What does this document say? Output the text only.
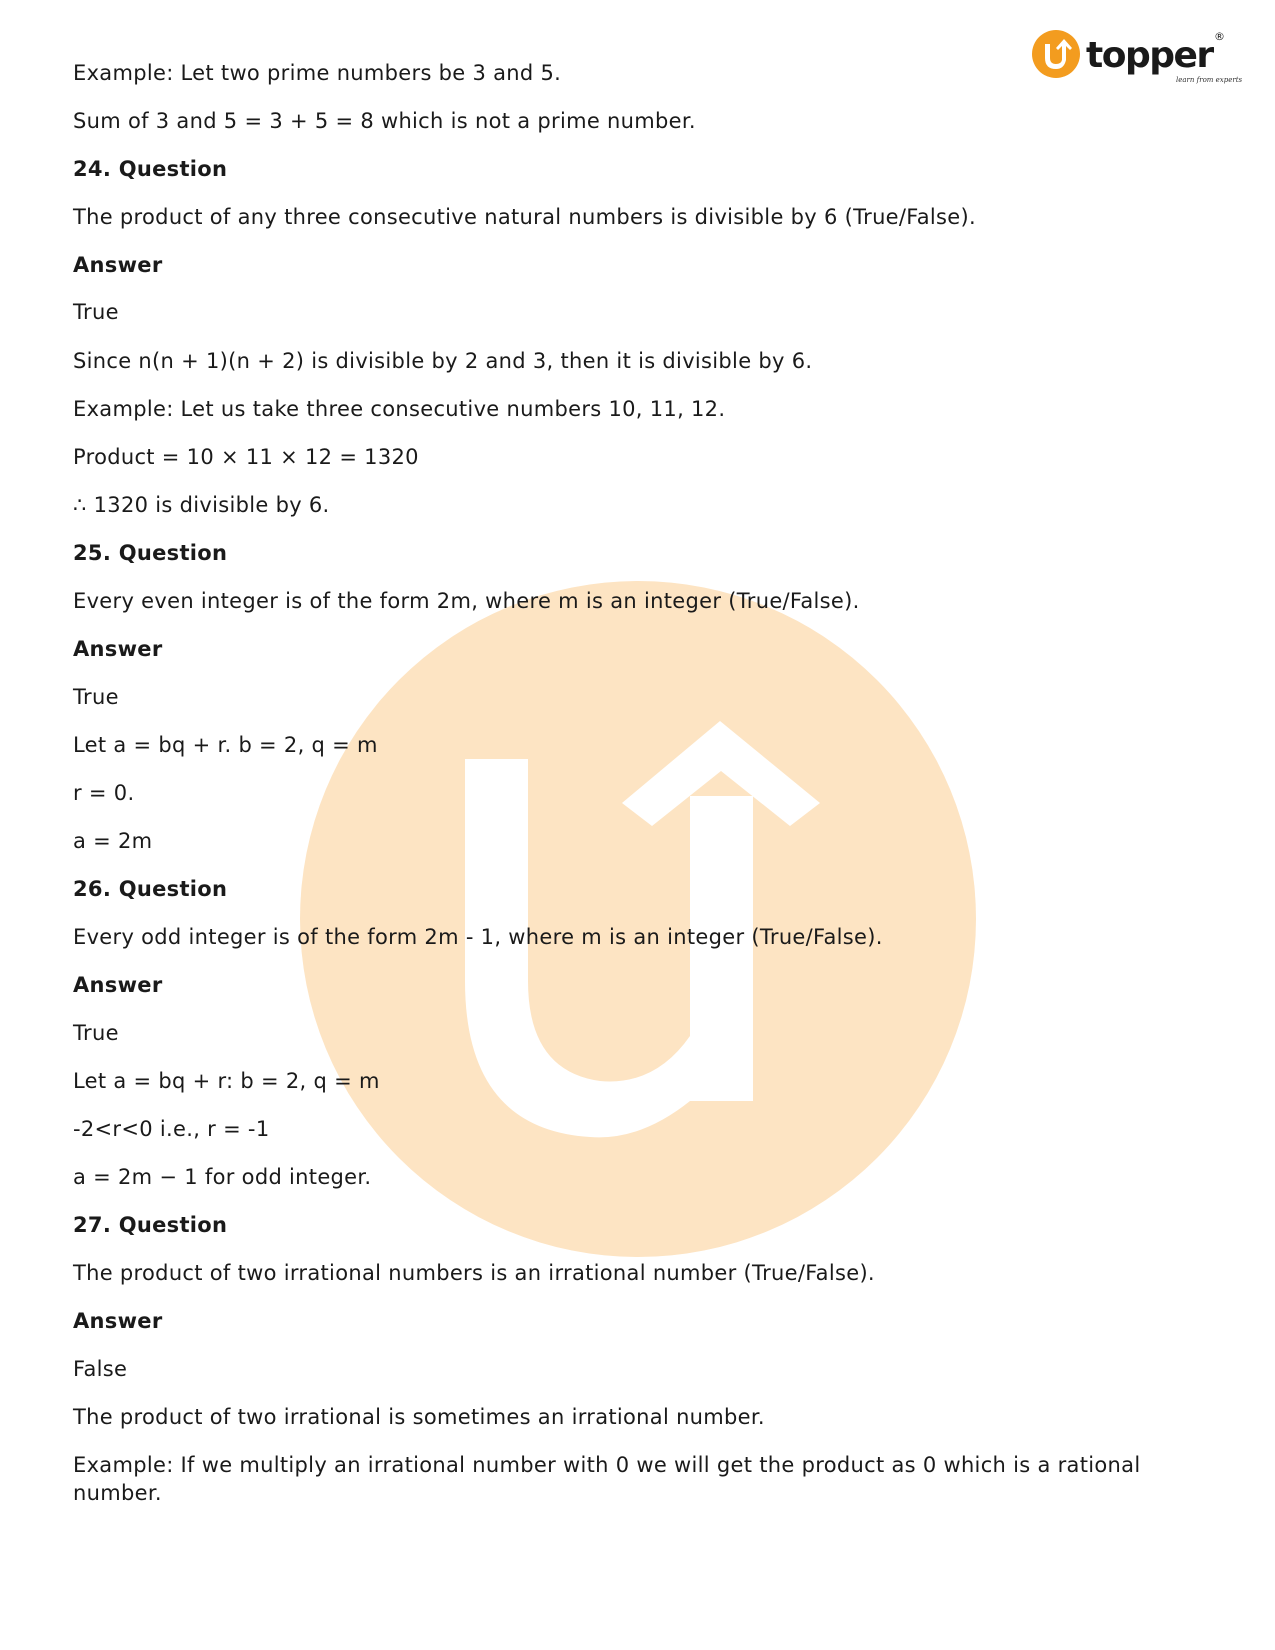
topper ®
learn from experts
Example: Let two prime numbers be 3 and 5.
Sum of 3 and 5 = 3 + 5 = 8 which is not a prime number.
24. Question
The product of any three consecutive natural numbers is divisible by 6 (True/False).
Answer
True
Since n(n + 1)(n + 2) is divisible by 2 and 3, then it is divisible by 6.
Example: Let us take three consecutive numbers 10, 11, 12.
Product = 10 × 11 × 12 = 1320
∴ 1320 is divisible by 6.
25. Question
Every even integer is of the form 2m, where m is an integer (True/False).
Answer
True
Let a = bq + r. b = 2, q = m
r = 0.
a = 2m
26. Question
Every odd integer is of the form 2m - 1, where m is an integer (True/False).
Answer
True
Let a = bq + r: b = 2, q = m
-2<r<0 i.e., r = -1
a = 2m − 1 for odd integer.
27. Question
The product of two irrational numbers is an irrational number (True/False).
Answer
False
The product of two irrational is sometimes an irrational number.
Example: If we multiply an irrational number with 0 we will get the product as 0 which is a rational number.
